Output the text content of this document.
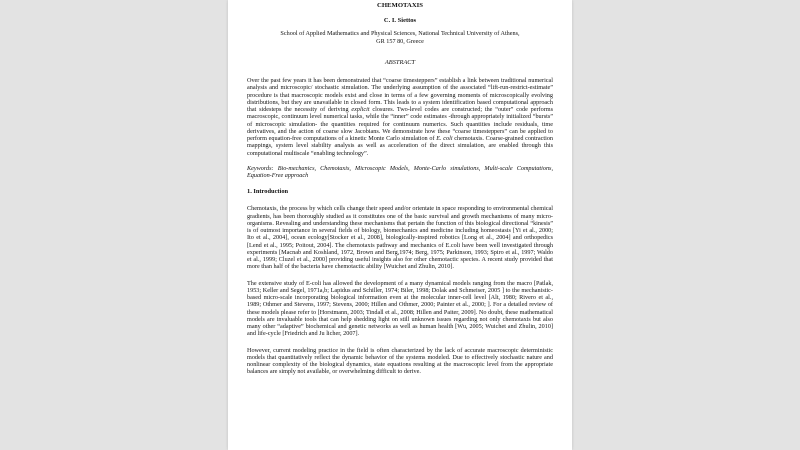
CHEMOTAXIS

C. I. Siettos

School of Applied Mathematics and Physical Sciences, National Technical University of Athens,
GR 157 80, Greece

ABSTRACT

Over the past few years it has been demonstrated that “coarse timesteppers” establish a link between traditional numerical analysis and microscopic/ stochastic simulation. The underlying assumption of the associated “lift-run-restrict-estimate” procedure is that macroscopic models exist and close in terms of a few governing moments of microscopically evolving distributions, but they are unavailable in closed form. This leads to a system identification based computational approach that sidesteps the necessity of deriving explicit closures. Two-level codes are constructed; the “outer” code performs macroscopic, continuum level numerical tasks, while the “inner” code estimates -through appropriately initialized “bursts” of microscopic simulation- the quantities required for continuum numerics. Such quantities include residuals, time derivatives, and the action of coarse slow Jacobians. We demonstrate how these “coarse timesteppers” can be applied to perform equation-free computations of a kinetic Monte Carlo simulation of E. coli chemotaxis. Coarse-grained contraction mappings, system level stability analysis as well as acceleration of the direct simulation, are enabled through this computational multiscale “enabling technology”.

Keywords: Bio-mechanics, Chemotaxis, Microscopic Models, Monte-Carlo simulations, Multi-scale Computations, Equation-Free approach

1. Introduction

Chemotaxis, the process by which cells change their speed and/or orientate in space responding to environmental chemical gradients, has been thoroughly studied as it constitutes one of the basic survival and growth mechanisms of many micro-organisms. Revealing and understanding these mechanisms that pertain the function of this biological directional “kinesis” is of outmost importance in several fields of biology, biomechanics and medicine including homeostasis [Yi et al., 2000; Ito et al., 2004], ocean ecology[Stocker et al., 2008], biologically-inspired robotics [Long et al., 2004] and orthopedics [Lend et al., 1995; Poitout, 2004]. The chemotaxis pathway and mechanics of E.coli have been well investigated through experiments [Macnab and Koshland, 1972, Brown and Berg,1974; Berg, 1975; Parkinson, 1993; Spiro et al., 1997; Waldo et al., 1999; Cluzel et al., 2000] providing useful insights also for other chemotactic species. A recent study provided that more than half of the bacteria have chemotactic ability [Wuichet and Zhulin, 2010].

The extensive study of E-coli has allowed the development of a many dynamical models ranging from the macro [Patlak, 1953; Keller and Segel, 1971a,b; Lapidus and Schiller, 1974; Biler, 1998; Dolak and Schmeiser, 2005 ] to the mechanistic-based micro-scale incorporating biological information even at the molecular inner-cell level [Alt, 1980; Rivero et al., 1989; Othmer and Stevens, 1997; Stevens, 2000; Hillen and Othmer, 2000; Painter et al., 2000; ]. For a detailed review of these models please refer to [Horstmann, 2003; Tindall et al., 2008; Hillen and Paiter, 2009]. No doubt, these mathematical models are invaluable tools that can help shedding light on still unknown issues regarding not only chemotaxis but also many other “adaptive” biochemical and genetic networks as well as human health [Wu, 2005; Wuichet and Zhulin, 2010] and life-cycle [Friedrich and Ju licher, 2007].

However, current modeling practice in the field is often characterized by the lack of accurate macroscopic deterministic models that quantitatively reflect the dynamic behavior of the systems modeled. Due to effectively stochastic nature and nonlinear complexity of the biological dynamics, state equations resulting at the macroscopic level from the appropriate balances are simply not available, or overwhelming difficult to derive.
